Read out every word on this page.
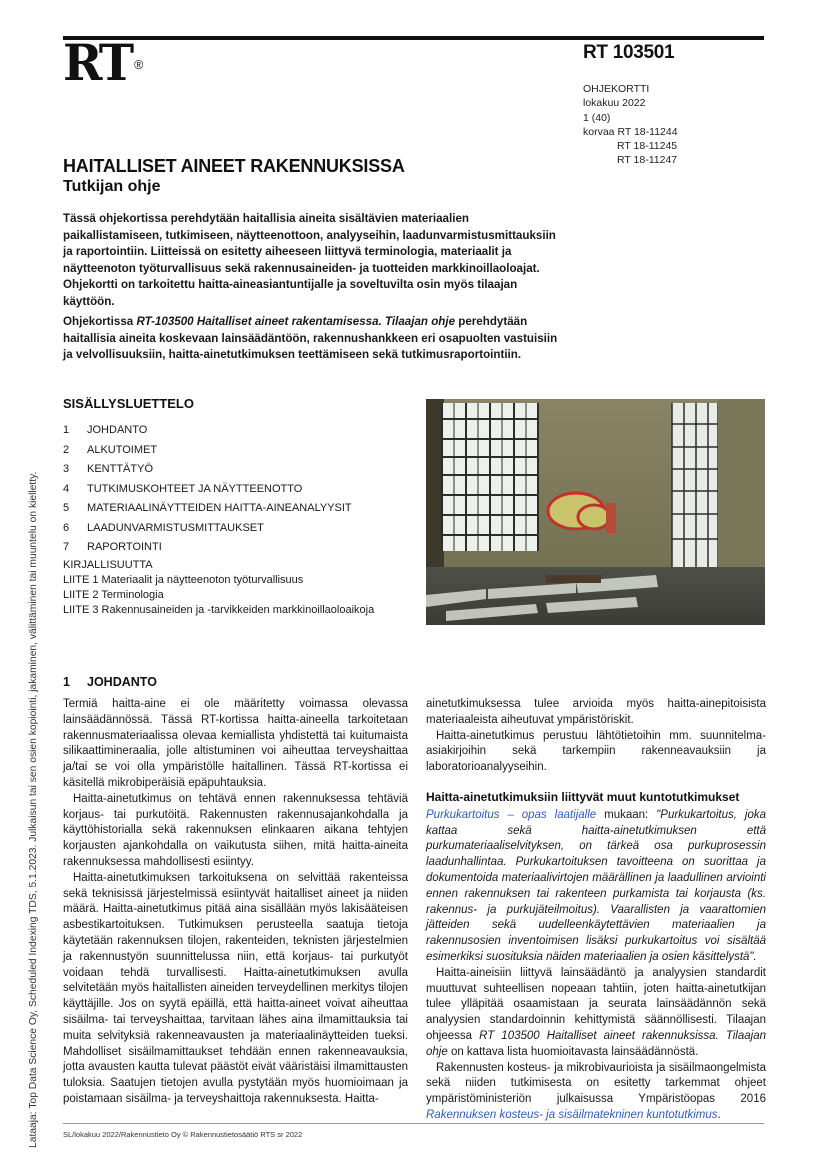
RT ®
RT 103501
OHJEKORTTI
lokakuu 2022
1 (40)
korvaa RT 18-11244
RT 18-11245
RT 18-11247
HAITALLISET AINEET RAKENNUKSISSA
Tutkijan ohje

Tässä ohjekortissa perehdytään haitallisia aineita sisältävien materiaalien paikallistamiseen, tutkimiseen, näytteenottoon, analyyseihin, laadunvarmistusmittauksiin ja raportointiin. Liitteissä on esitetty aiheeseen liittyvä terminologia, materiaalit ja näytteenoton työturvallisuus sekä rakennusaineiden- ja tuotteiden markkinoillaoloajat. Ohjekortti on tarkoitettu haitta-aineasiantuntijalle ja soveltuvilta osin myös tilaajan käyttöön.

Ohjekortissa RT-103500 Haitalliset aineet rakentamisessa. Tilaajan ohje perehdytään haitallisia aineita koskevaan lainsäädäntöön, rakennushankkeen eri osapuolten vastuisiin ja velvollisuuksiin, haitta-ainetutkimuksen teettämiseen sekä tutkimusraportointiin.

SISÄLLYSLUETTELO
1	JOHDANTO
2	ALKUTOIMET
3	KENTTÄTYÖ
4	TUTKIMUSKOHTEET JA NÄYTTEENOTTO
5	MATERIAALINÄYTTEIDEN HAITTA-AINEANALYYSIT
6	LAADUNVARMISTUSMITTAUKSET
7	RAPORTOINTI
KIRJALLISUUTTA
LIITE 1 Materiaalit ja näytteenoton työturvallisuus
LIITE 2 Terminologia
LIITE 3 Rakennusaineiden ja -tarvikkeiden markkinoillaoloaikoja
1 JOHDANTO

Termiä haitta-aine ei ole määritetty voimassa olevassa lainsäädännössä. Tässä RT-kortissa haitta-aineella tarkoitetaan rakennusmateriaalissa olevaa kemiallista yhdistettä tai kuitumaista silikaattimineraalia, jolle altistuminen voi aiheuttaa terveyshaittaa ja/tai se voi olla ympäristölle haitallinen. Tässä RT-kortissa ei käsitellä mikrobiperäisiä epäpuhtauksia.

Haitta-ainetutkimus on tehtävä ennen rakennuksessa tehtäviä korjaus- tai purkutöitä. Rakennusten rakennusajankohdalla ja käyttöhistorialla sekä rakennuksen elinkaaren aikana tehtyjen korjausten ajankohdalla on vaikutusta siihen, mitä haitta-aineita rakennuksessa mahdollisesti esiintyy.

Haitta-ainetutkimuksen tarkoituksena on selvittää rakenteissa sekä teknisissä järjestelmissä esiintyvät haitalliset aineet ja niiden määrä. Haitta-ainetutkimus pitää aina sisällään myös lakisääteisen asbestikartoituksen. Tutkimuksen perusteella saatuja tietoja käytetään rakennuksen tilojen, rakenteiden, teknisten järjestelmien ja rakennustyön suunnittelussa niin, että korjaus- tai purkutyöt voidaan tehdä turvallisesti. Haitta-ainetutkimuksen avulla selvitetään myös haitallisten aineiden terveydellinen merkitys tilojen käyttäjille. Jos on syytä epäillä, että haitta-aineet voivat aiheuttaa sisäilma- tai terveyshaittaa, tarvitaan lähes aina ilmamittauksia tai muita selvityksiä rakenneavausten ja materiaalinäytteiden tueksi. Mahdolliset sisäilmamittaukset tehdään ennen rakenneavauksia, jotta avausten kautta tulevat päästöt eivät vääristäisi ilmamittausten tuloksia. Saatujen tietojen avulla pystytään myös huomioimaan ja poistamaan sisäilma- ja terveyshaittoja rakennuksesta. Haitta-

ainetutkimuksessa tulee arvioida myös haitta-ainepitoisista materiaaleista aiheutuvat ympäristöriskit.

Haitta-ainetutkimus perustuu lähtötietoihin mm. suunnitelma-asiakirjoihin sekä tarkempiin rakenneavauksiin ja laboratorioanalyyseihin.

Haitta-ainetutkimuksiin liittyvät muut kuntotutkimukset

Purkukartoitus – opas laatijalle mukaan: "Purkukartoitus, joka kattaa sekä haitta-ainetutkimuksen että purkumateriaaliselvityksen, on tärkeä osa purkuprosessin laadunhallintaa. Purkukartoituksen tavoitteena on suorittaa ja dokumentoida materiaalivirtojen määrällinen ja laadullinen arviointi ennen rakennuksen tai rakenteen purkamista tai korjausta (ks. rakennus- ja purkujäteilmoitus). Vaarallisten ja vaarattomien jätteiden sekä uudelleenkäytettävien materiaalien ja rakennusosien inventoimisen lisäksi purkukartoitus voi sisältää esimerkiksi suosituksia näiden materiaalien ja osien käsittelystä".

Haitta-aineisiin liittyvä lainsäädäntö ja analyysien standardit muuttuvat suhteellisen nopeaan tahtiin, joten haitta-ainetutkijan tulee ylläpitää osaamistaan ja seurata lainsäädännön sekä analyysien standardoinnin kehittymistä säännöllisesti. Tilaajan ohjeessa RT 103500 Haitalliset aineet rakennuksissa. Tilaajan ohje on kattava lista huomioitavasta lainsäädännöstä.

Rakennusten kosteus- ja mikrobivaurioista ja sisäilmaongelmista sekä niiden tutkimisesta on esitetty tarkemmat ohjeet ympäristöministeriön julkaisussa Ympäristöopas 2016 Rakennuksen kosteus- ja sisäilmatekninen kuntotutkimus.

SL/lokakuu 2022/Rakennustieto Oy © Rakennustietosäätiö RTS sr 2022
Lataaja: Top Data Science Oy, Scheduled Indexing TDS, 5.1.2023. Julkaisun tai sen osien kopiointi, jakaminen, välittäminen tai muuntelu on kielletty.
